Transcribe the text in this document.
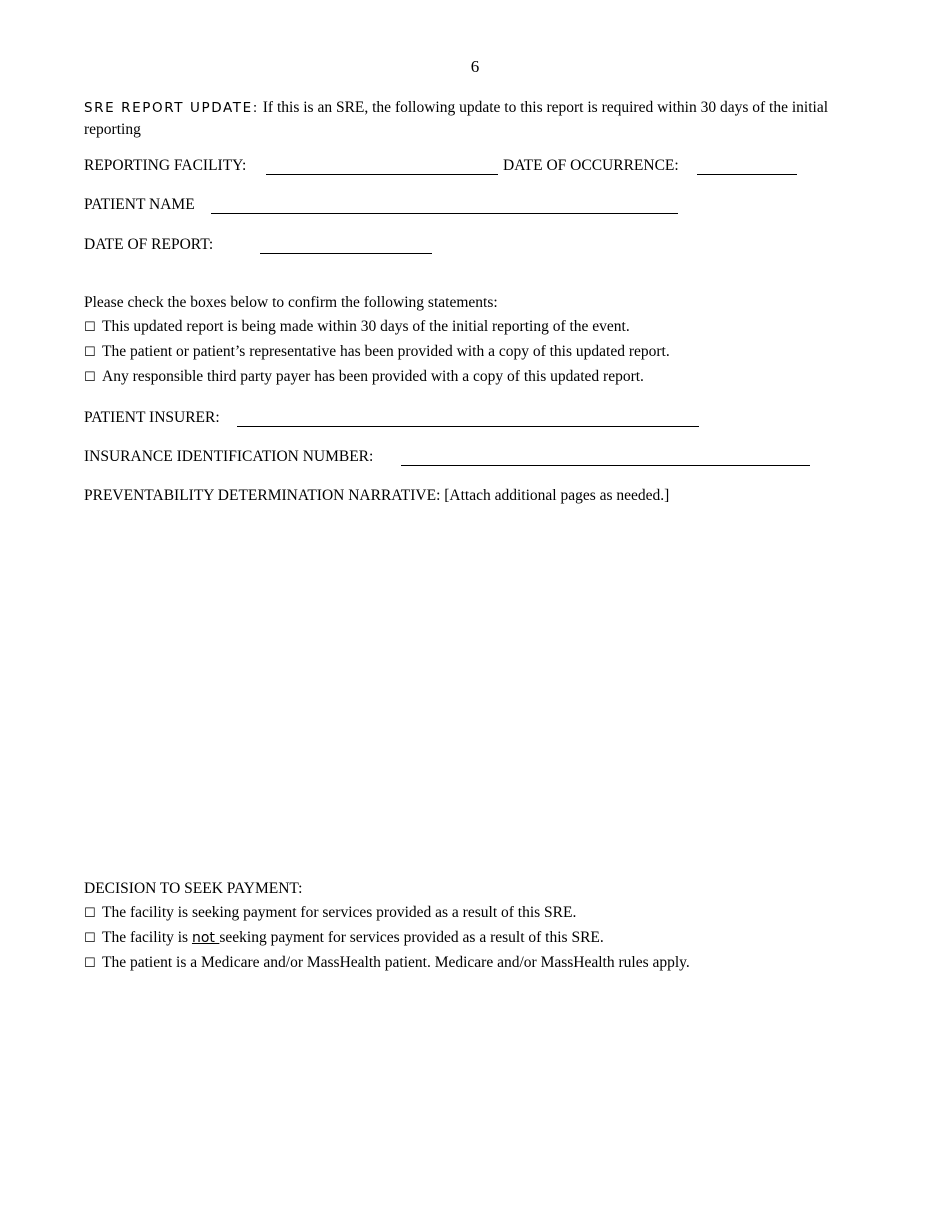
6
SRE REPORT UPDATE: If this is an SRE, the following update to this report is required within 30 days of the initial reporting
REPORTING FACILITY:	DATE OF OCCURRENCE:
PATIENT NAME
DATE OF REPORT:
Please check the boxes below to confirm the following statements:
☐ This updated report is being made within 30 days of the initial reporting of the event.
☐ The patient or patient’s representative has been provided with a copy of this updated report.
☐ Any responsible third party payer has been provided with a copy of this updated report.
PATIENT INSURER:
INSURANCE IDENTIFICATION NUMBER:
PREVENTABILITY DETERMINATION NARRATIVE: [Attach additional pages as needed.]
DECISION TO SEEK PAYMENT:
☐ The facility is seeking payment for services provided as a result of this SRE.
☐ The facility is not seeking payment for services provided as a result of this SRE.
☐ The patient is a Medicare and/or MassHealth patient. Medicare and/or MassHealth rules apply.
